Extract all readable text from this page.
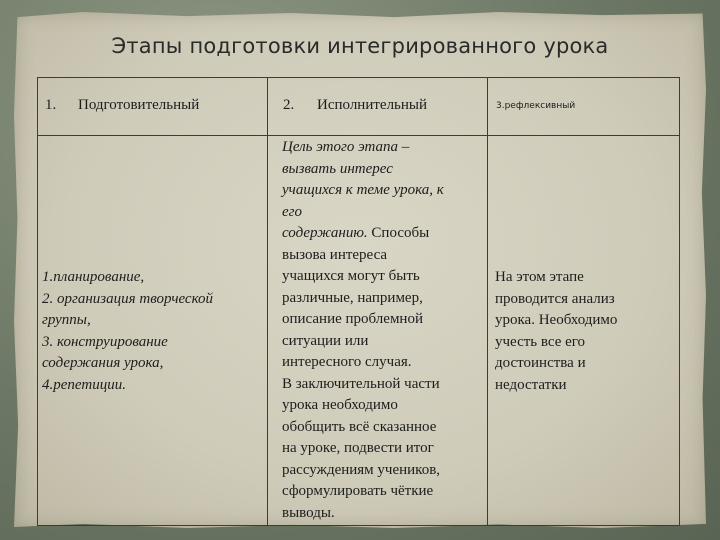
Этапы подготовки интегрированного урока
1. Подготовительный	2. Исполнительный	3.рефлексивный
1.планирование,
2. организация творческой
группы,
3. конструирование
содержания урока,
4.репетиции.
Цель этого этапа –
вызвать интерес
учащихся к теме урока, к
его
содержанию. Способы
вызова интереса
учащихся могут быть
различные, например,
описание проблемной
ситуации или
интересного случая.
В заключительной части
урока необходимо
обобщить всё сказанное
на уроке, подвести итог
рассуждениям учеников,
сформулировать чёткие
выводы.
На этом этапе
проводится анализ
урока. Необходимо
учесть все его
достоинства и
недостатки
